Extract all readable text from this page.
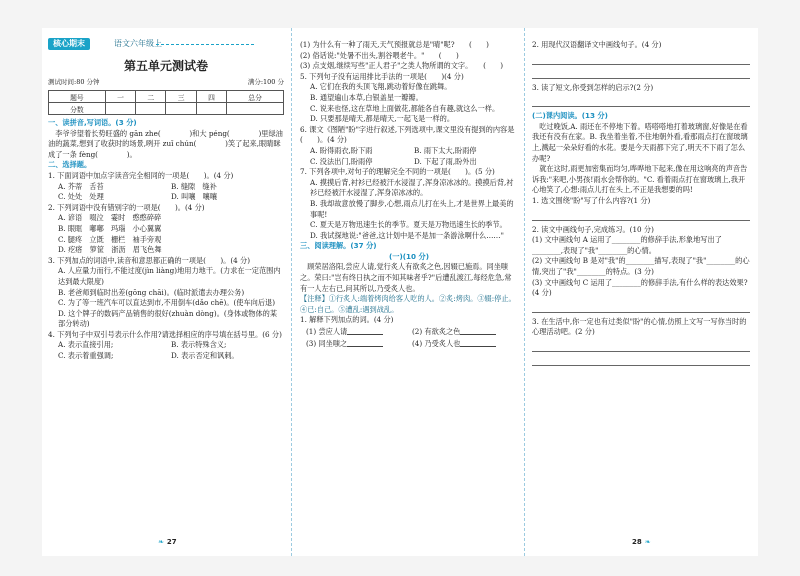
核心期末	语文六年级上
第五单元测试卷
测试时间:80 分钟	满分:100 分
题号	一	二	三	四	总分
分数					
一、读拼音,写词语。(3 分)
李爷爷望着长势旺盛的 gān zhe(　　　　)和大 péng(　　　　)里绿油油的蔬菜,想到了收获时的场景,咧开 zuǐ chún(　　　　)笑了起来,眼睛眯成了一条 fèng(　　　　)。
二、选择题。
1. 下面词语中加点字读音完全相同的一项是(　　)。(4 分)
A. 芥蒂　舌苔	B. 缝隙　缝补
C. 处处　处理	D. 叫嚷　嚷嚷
2. 下列词语中没有错别字的一项是(　　)。(4 分)
A. 谚语　啜泣　霎时　憨憨碎碎
B. 眼眶　嘟嘟　玛瑙　小心翼翼
C. 腿疼　立既　栅栏　袖手旁观
D. 疙瘩　箩筐　浙沥　眉飞色舞
3. 下列加点的词语中,读音和意思都正确的一项是(　　)。(4 分)
A. 人应量力而行,不能过度(jìn liàng)地用力地干。(力求在一定范围内达到最大限度)
B. 老爸师到临时出差(gōng chāi)。(临时派遣去办理公务)
C. 为了等一班汽车可以直达到市,不用倒车(dǎo chē)。(使车向后退)
D. 这个牌子的数码产品销售的很好(zhuàn dòng)。(身体或物体的某部分转动)
4. 下列句子中双引号表示什么作用?请选择相应的序号填在括号里。(6 分)
A. 表示直接引用;	B. 表示特殊含义;
C. 表示着重强调;	D. 表示否定和讽刺。
❧ 27
(1) 为什么有一种了雨天,天气预报就总是"晴"呢?　　(　　)
(2) 俗话说:"处暑不出头,割谷喂老牛。"　　(　　)
(3) 点支烟,继续写些"正人君子"之类人物所谓的文字。　　(　　)
5. 下列句子没有运用排比手法的一项是(　　)(4 分)
A. 它们在我的头顶飞翔,跳动着好像在跳舞。
B. 通望遍山本草,白银盖星一瓣瓣。
C. 说来也怪,这在草地上面做花,都能各自有趣,就这么一样。
D. 只要那是晴天,都是晴天,一起飞是一样的。
6. 课文《图陋"盼"字进行叙述,下列选项中,课文里没有提到的内容是(　　)。(4 分)
A. 盼得雨衣,盼下雨	B. 雨下太大,盼雨停
C. 没法出门,盼雨停	D. 下起了雨,盼外出
7. 下列各项中,对句子的理解完全不同的一项是(　　)。(5 分)
A. 摸摸后背,衬衫已经被汗水浸湿了,浑身凉冰冰的。摸摸后背,衬衫已经被汗水浸湿了,浑身凉冰冰的。
B. 我却故意放慢了脚步,心想,雨点儿打在头上,才是世界上最美的事呢!
C. 夏天是万物迅速生长的季节。夏天是万物迅速生长的季节。
D. 我试探地说:"爸爸,这计划中是不是加一条游泳啊什么……"
三、阅读理解。(37 分)
(一)(10 分)
顾荣居洛阳,尝应人请,觉行炙人有欲炙之色,因辍已施焉。同坐嗤之。荣曰:"岂有终日执之而不知其味者乎?"后遭乱渡江,每经危急,常有一人左右已,问其所以,乃受炙人也。
【注释】①行炙人:端着烤肉给客人吃的人。②炙:烤肉。③辍:停止。④已:自己。⑤遭乱:遇到战乱。
1. 解释下列加点的词。(4 分)
(1) 尝应人请	(2) 有欲炙之色
(3) 同坐嗤之	(4) 乃受炙人也
2. 用现代汉语翻译文中画线句子。(4 分)
3. 读了短文,你受到怎样的启示?(2 分)
(二)课内阅读。(13 分)
吃过晚饭,A. 雨还在不停地下着。嗒嗒嗒地打着玻璃窗,好像是在看我还有没有在家。B. 我坐着坐着,不住地朝外看,看那雨点打在窗玻璃上,溅起一朵朵好看的水花。要是今天雨都下完了,明天不下雨了怎么办呢?
就在这时,雨更加密集而均匀,哗哗地下起来,像在用这响亮的声音告诉我:"来吧,小男孩!雨水会帮你的。"C. 看着雨点打在窗玻璃上,我开心地笑了,心想:雨点儿打在头上,不正是我想要的吗!
1. 选文围绕"盼"写了什么内容?(1 分)
2. 读文中画线句子,完成练习。(10 分)
(1) 文中画线句 A 运用了________的修辞手法,形象地写出了________,表现了"我"________的心情。
(2) 文中画线句 B 是对"我"的________描写,表现了"我"________的心情,突出了"我"________的特点。(3 分)
(3) 文中画线句 C 运用了________的修辞手法,有什么样的表达效果?(4 分)
3. 在生活中,你一定也有过类似"盼"的心情,仿照上文写一写你当时的心理活动吧。(2 分)
28 ❧
